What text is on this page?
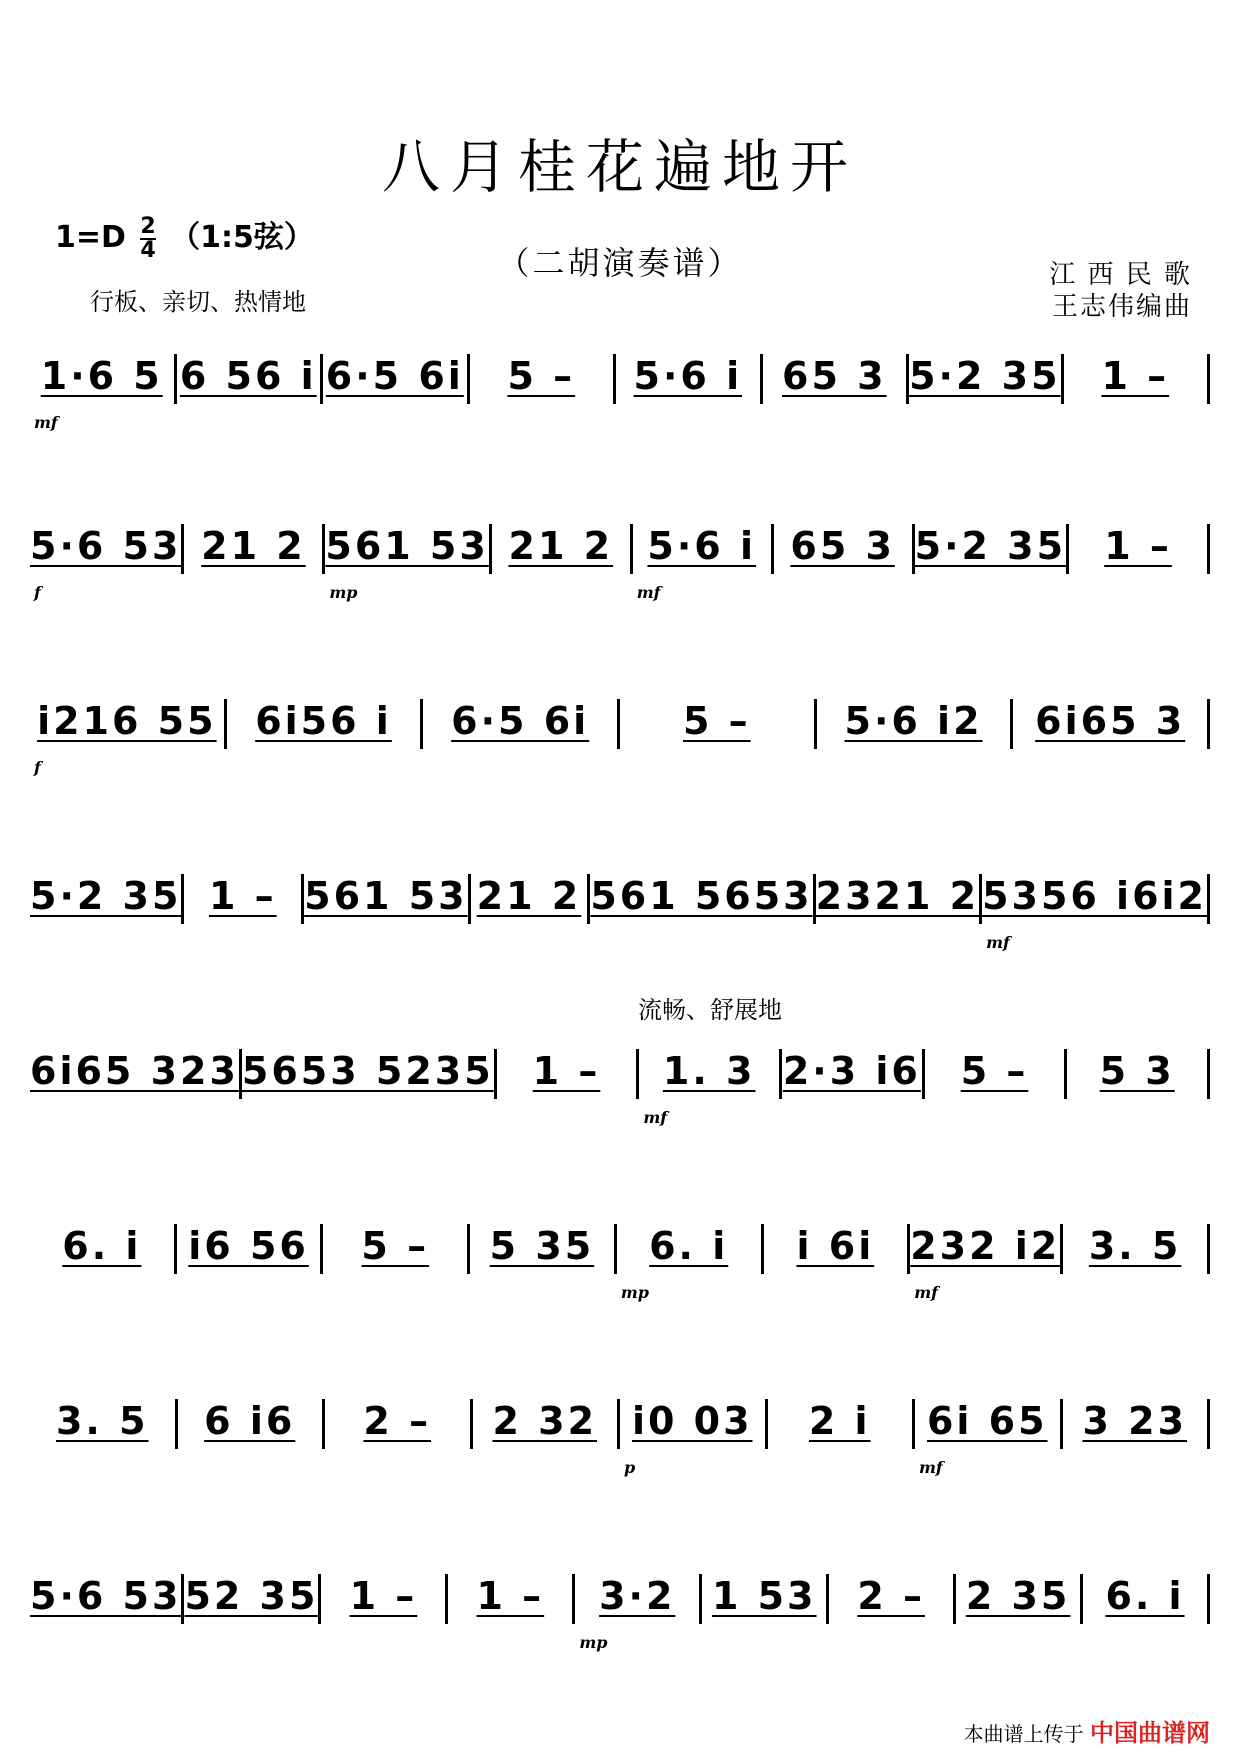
八月桂花遍地开
$1=D \frac{2}{4}$ （1:5弦）
（二胡演奏谱）
行板、亲切、热情地
江 西 民 歌
王志伟编曲
1·6 5
mf
6 56 i 6·5 6i	5 –	5·6 i	65 3 5·2 35	1 –
5·6 53
f
21 2 561 53
mp
21 2 5·6 i
mf
65 3 5·2 35	1 –
i216 55
f
6i56 i	6·5 6i	5 –	5·6 i2	6i65 3
5·2 35 1 – 561 53 21 2 561 5653 2321 2 5356 i6i2
mf
6i65 323 5653 5235	1 –	1. 3
mf
2·3 i6	5 –	5 3
6. i	i6 56	5 –	5 35	6. i
mp
i 6i 232 i2
mf
3. 5
3. 5	6 i6	2 –	2 32 i0 03
p
2 i	6i 65
mf
3 23
5·6 53 52 35 1 –	1 –	3·2
mp
1 53	2 –	2 35 6. i
流畅、舒展地
本曲谱上传于 中国曲谱网
